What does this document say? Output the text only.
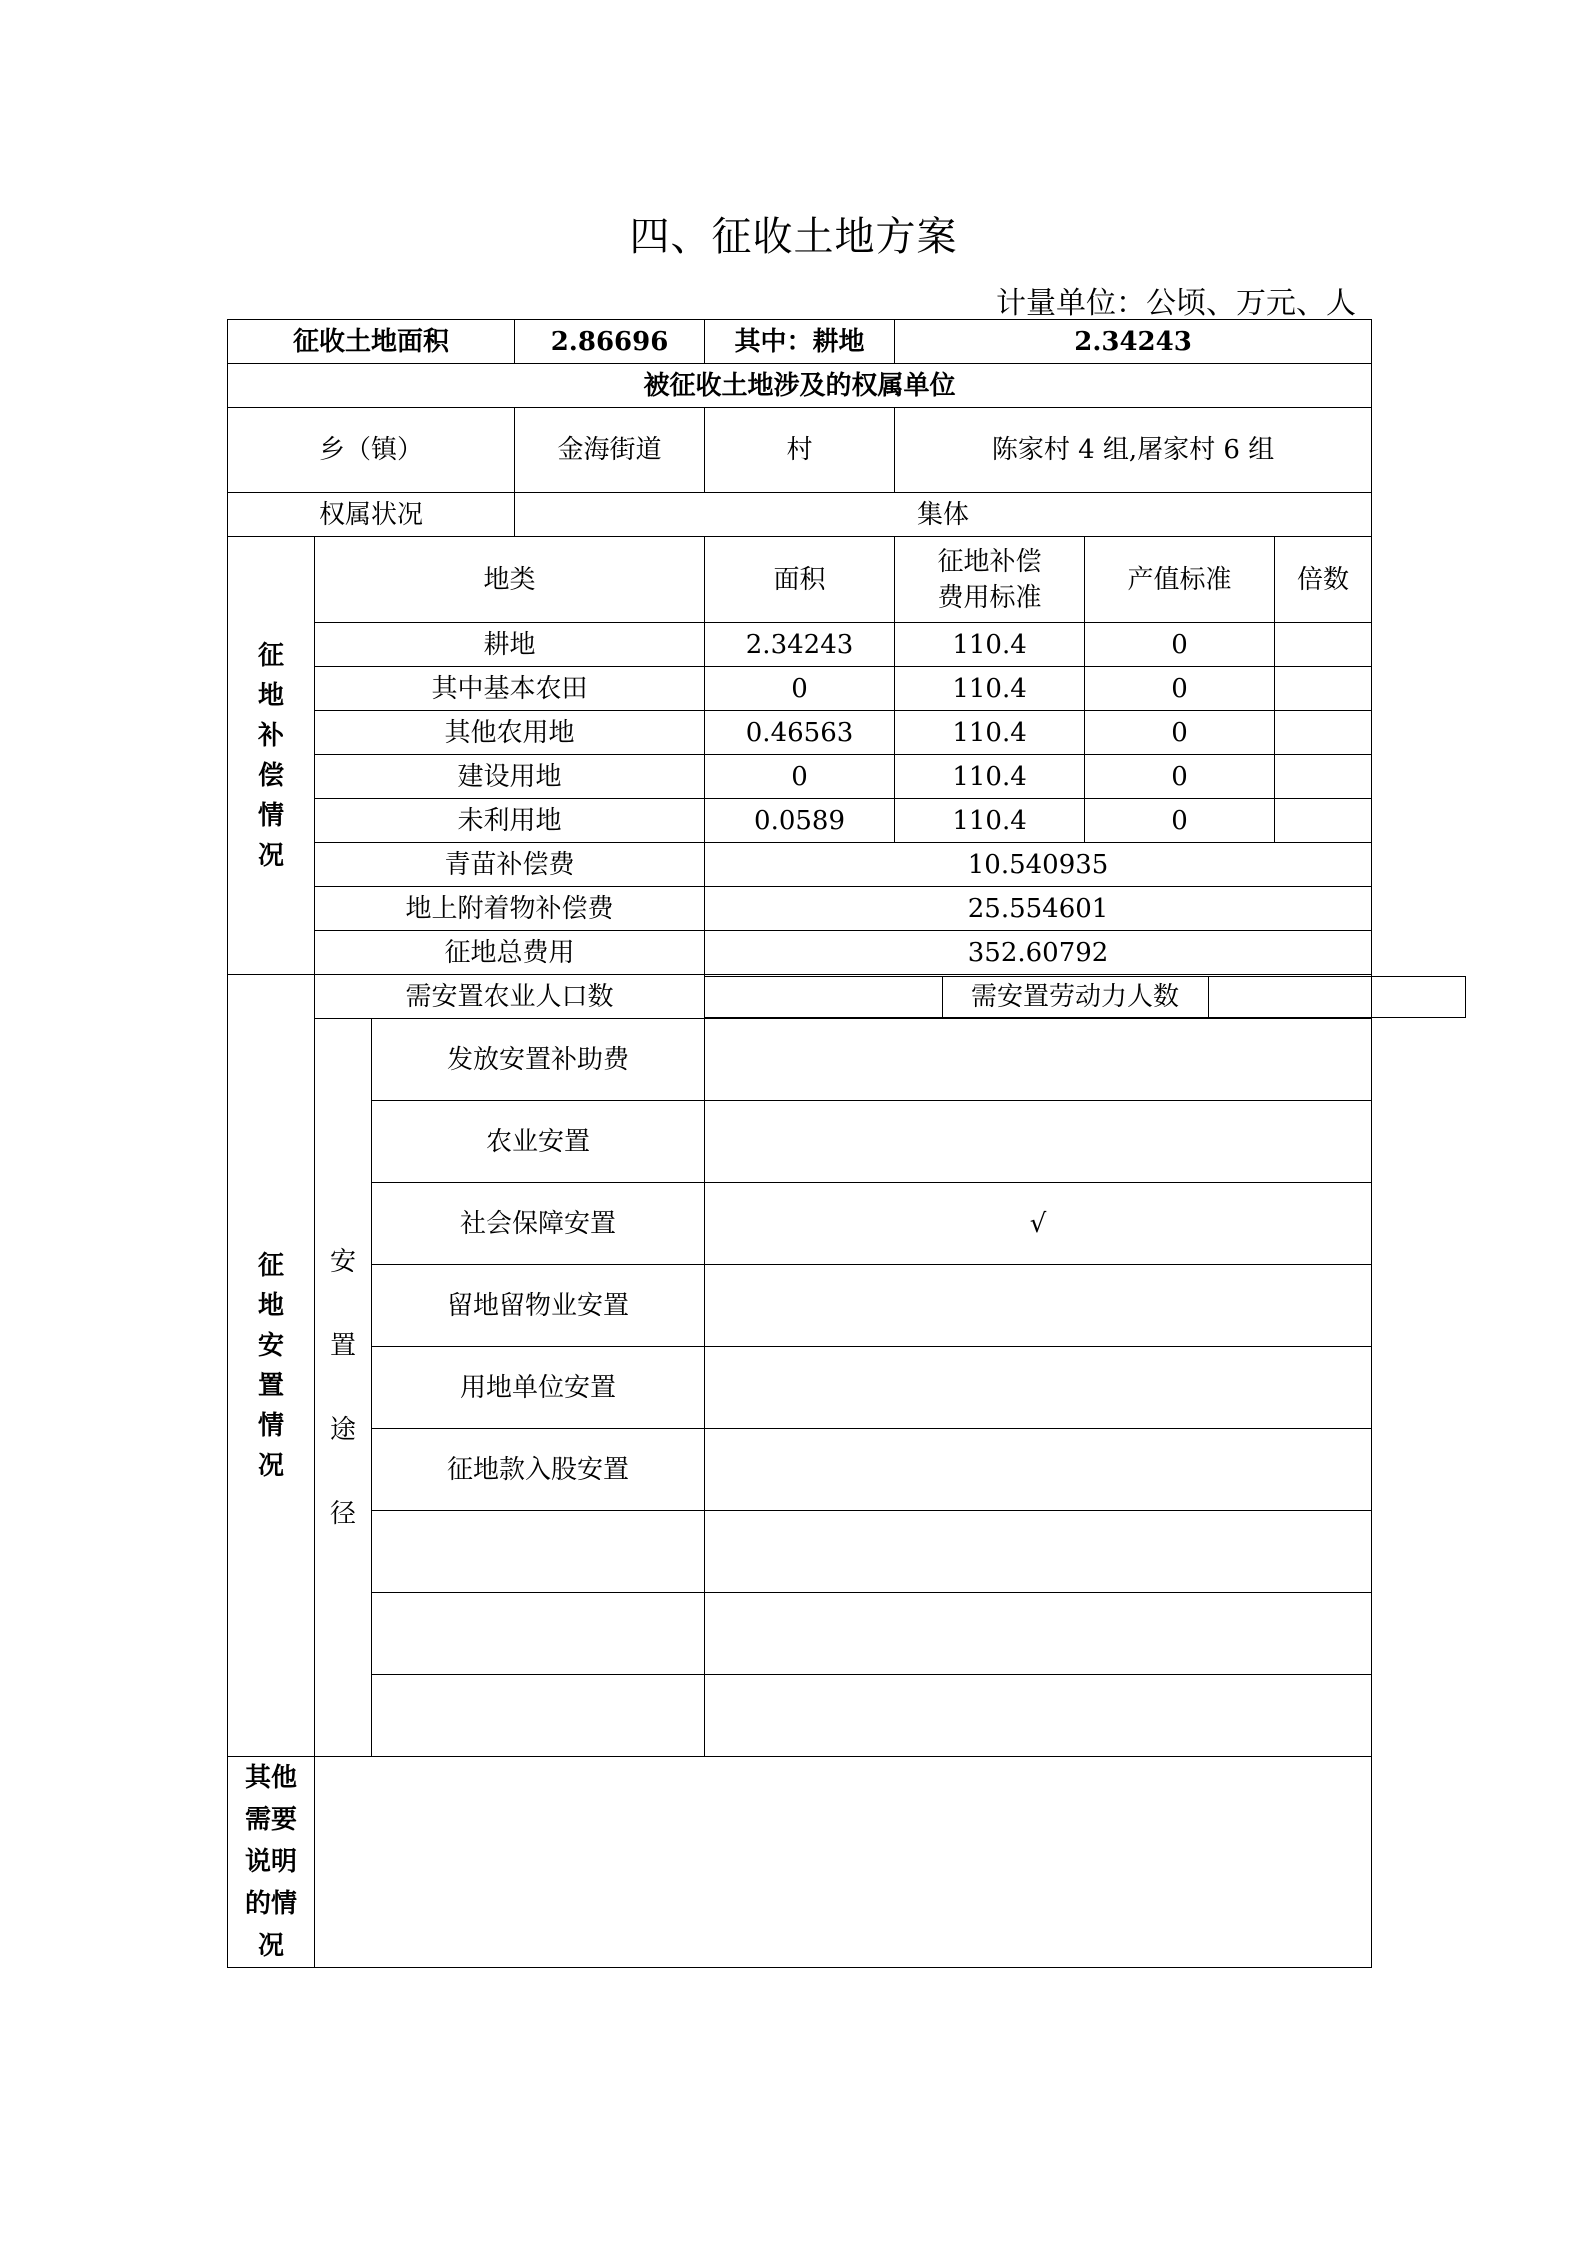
四、征收土地方案
计量单位：公顷、万元、人
征收土地面积	2.86696	其中：耕地	2.34243
被征收土地涉及的权属单位
乡（镇）	金海街道	村	陈家村 4 组,屠家村 6 组
权属状况	集体

征
地
补
偿
情
况
	地类	面积	征地补偿费用标准	产值标准	倍数
耕地	2.34243	110.4	0	
其中基本农田	0	110.4	0	
其他农用地	0.46563	110.4	0	
建设用地	0	110.4	0	
未利用地	0.0589	110.4	0	
青苗补偿费	10.540935
地上附着物补偿费	25.554601
征地总费用	352.60792

征
地
安
置
情
况
	需安置农业人口数	
		需安置劳动力人数	

安
置
途
径
	发放安置补助费	
农业安置	
社会保障安置	√
留地留物业安置	
用地单位安置	
征地款入股安置	

其他
需要
说明
的情
况
